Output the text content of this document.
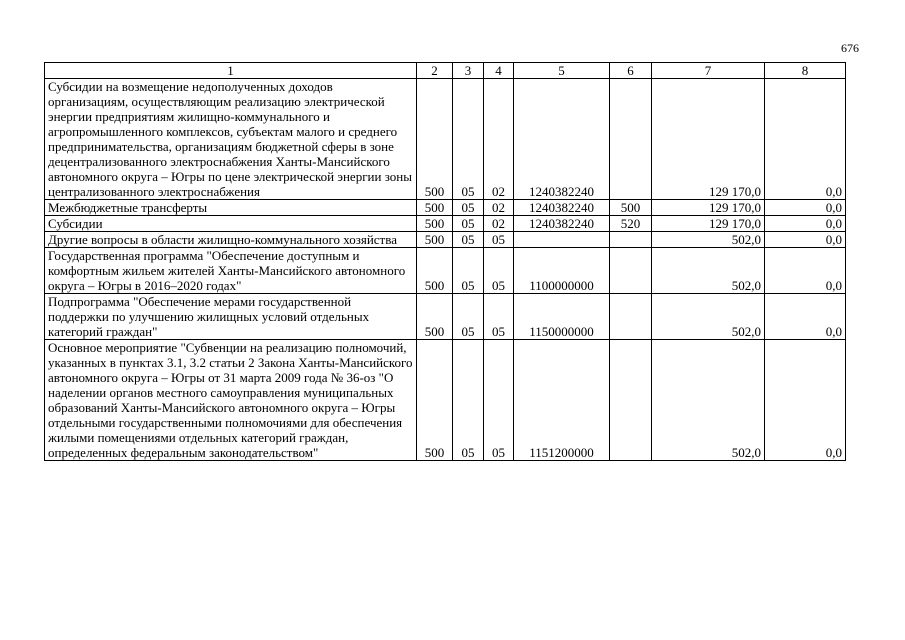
676
1	2	3	4	5	6	7	8
Субсидии на возмещение недополученных доходов организациям, осуществляющим реализацию электрической энергии предприятиям жилищно-коммунального и агропромышленного комплексов, субъектам малого и среднего предпринимательства, организациям бюджетной сферы в зоне децентрализованного электроснабжения Ханты-Мансийского автономного округа – Югры по цене электрической энергии зоны централизованного электроснабжения	500	05	02	1240382240		129 170,0	0,0
Межбюджетные трансферты	500	05	02	1240382240	500	129 170,0	0,0
Субсидии	500	05	02	1240382240	520	129 170,0	0,0
Другие вопросы в области жилищно-коммунального хозяйства	500	05	05			502,0	0,0
Государственная программа "Обеспечение доступным и комфортным жильем жителей Ханты-Мансийского автономного округа – Югры в 2016–2020 годах"	500	05	05	1100000000		502,0	0,0
Подпрограмма "Обеспечение мерами государственной поддержки по улучшению жилищных условий отдельных категорий граждан"	500	05	05	1150000000		502,0	0,0
Основное мероприятие "Субвенции на реализацию полномочий, указанных в пунктах 3.1, 3.2 статьи 2 Закона Ханты-Мансийского автономного округа – Югры от 31 марта 2009 года № 36-оз "О наделении органов местного самоуправления муниципальных образований Ханты-Мансийского автономного округа – Югры отдельными государственными полномочиями для обеспечения жилыми помещениями отдельных категорий граждан, определенных федеральным законодательством"	500	05	05	1151200000		502,0	0,0
